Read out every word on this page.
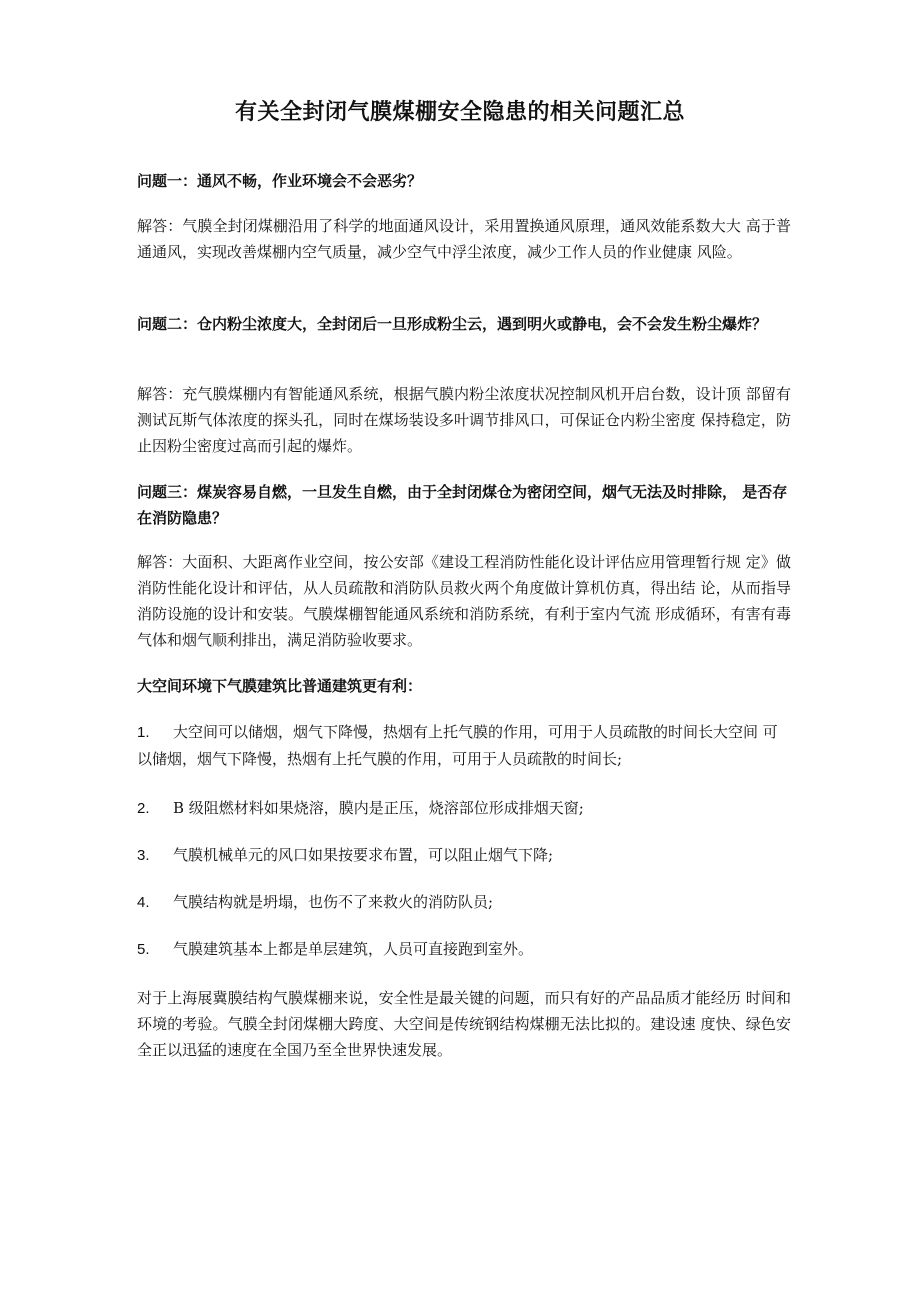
有关全封闭气膜煤棚安全隐患的相关问题汇总

问题一：通风不畅，作业环境会不会恶劣？

解答：气膜全封闭煤棚沿用了科学的地面通风设计，采用置换通风原理，通风效能系数大大 高于普通通风，实现改善煤棚内空气质量，减少空气中浮尘浓度，减少工作人员的作业健康 风险。

问题二：仓内粉尘浓度大，全封闭后一旦形成粉尘云，遇到明火或静电，会不会发生粉尘爆炸？

解答：充气膜煤棚内有智能通风系统，根据气膜内粉尘浓度状况控制风机开启台数，设计顶 部留有测试瓦斯气体浓度的探头孔，同时在煤场装设多叶调节排风口，可保证仓内粉尘密度 保持稳定，防止因粉尘密度过高而引起的爆炸。

问题三：煤炭容易自燃，一旦发生自燃，由于全封闭煤仓为密闭空间，烟气无法及时排除， 是否存在消防隐患？

解答：大面积、大距离作业空间，按公安部《建设工程消防性能化设计评估应用管理暂行规 定》做消防性能化设计和评估，从人员疏散和消防队员救火两个角度做计算机仿真，得出结 论，从而指导消防设施的设计和安装。气膜煤棚智能通风系统和消防系统，有利于室内气流 形成循环，有害有毒气体和烟气顺利排出，满足消防验收要求。

大空间环境下气膜建筑比普通建筑更有利：

1. 大空间可以储烟，烟气下降慢，热烟有上托气膜的作用，可用于人员疏散的时间长大空间 可以储烟，烟气下降慢，热烟有上托气膜的作用，可用于人员疏散的时间长;
2. B 级阻燃材料如果烧溶，膜内是正压，烧溶部位形成排烟天窗;
3. 气膜机械单元的风口如果按要求布置，可以阻止烟气下降;
4. 气膜结构就是坍塌，也伤不了来救火的消防队员;
5. 气膜建筑基本上都是单层建筑，人员可直接跑到室外。

对于上海展冀膜结构气膜煤棚来说，安全性是最关键的问题，而只有好的产品品质才能经历 时间和环境的考验。气膜全封闭煤棚大跨度、大空间是传统钢结构煤棚无法比拟的。建设速 度快、绿色安全正以迅猛的速度在全国乃至全世界快速发展。
